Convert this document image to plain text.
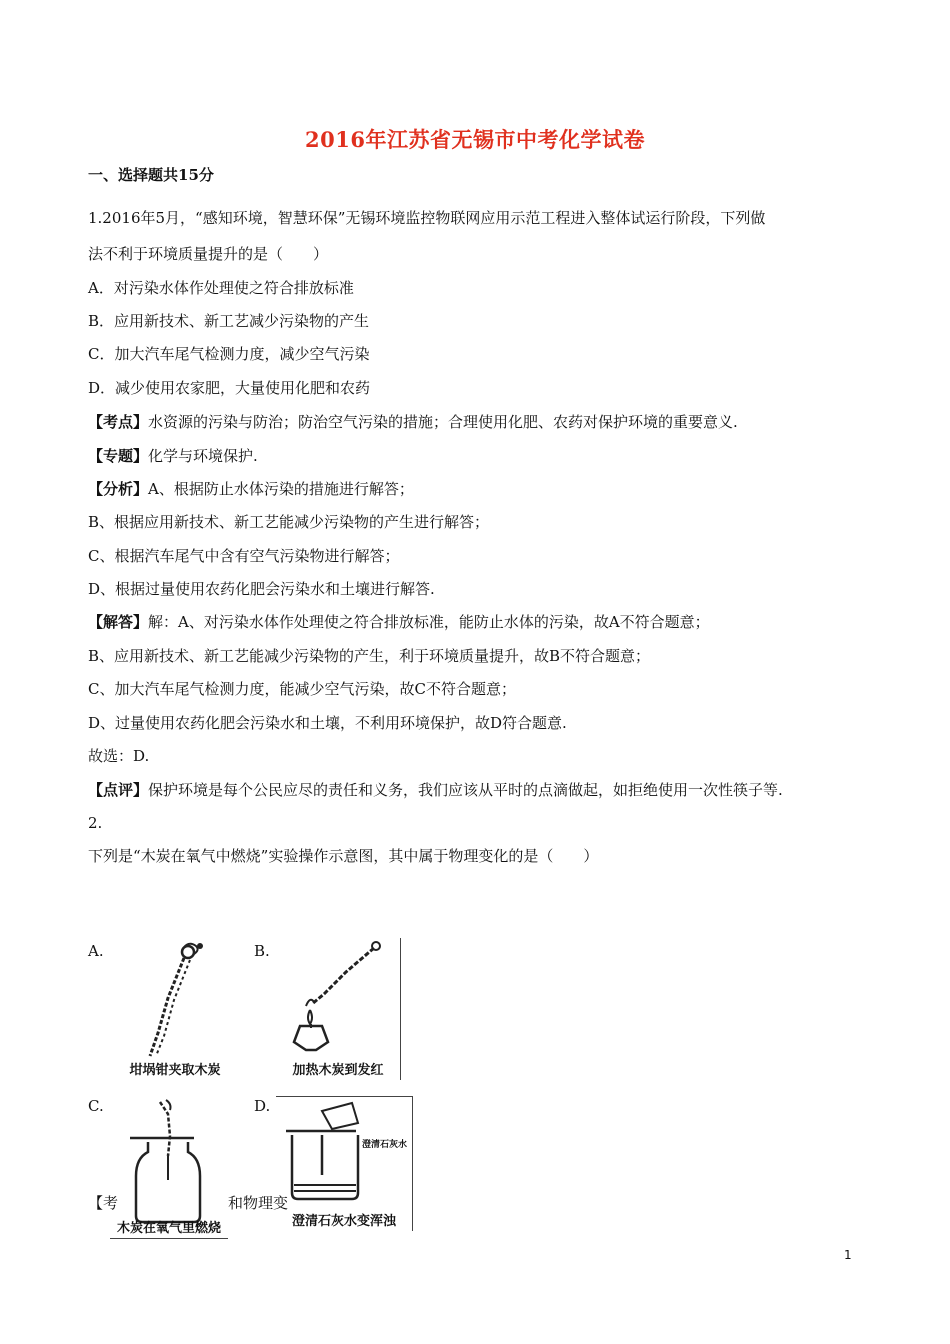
2016年江苏省无锡市中考化学试卷
一、选择题共15分
1.2016年5月，“感知环境，智慧环保”无锡环境监控物联网应用示范工程进入整体试运行阶段，下列做
法不利于环境质量提升的是（　　）
A．对污染水体作处理使之符合排放标准
B．应用新技术、新工艺减少污染物的产生
C．加大汽车尾气检测力度，减少空气污染
D．减少使用农家肥，大量使用化肥和农药
【考点】水资源的污染与防治；防治空气污染的措施；合理使用化肥、农药对保护环境的重要意义.
【专题】化学与环境保护.
【分析】A、根据防止水体污染的措施进行解答；
B、根据应用新技术、新工艺能减少污染物的产生进行解答；
C、根据汽车尾气中含有空气污染物进行解答；
D、根据过量使用农药化肥会污染水和土壤进行解答.
【解答】解：A、对污染水体作处理使之符合排放标准，能防止水体的污染，故A不符合题意；
B、应用新技术、新工艺能减少污染物的产生，利于环境质量提升，故B不符合题意；
C、加大汽车尾气检测力度，能减少空气污染，故C不符合题意；
D、过量使用农药化肥会污染水和土壤，不利用环境保护，故D符合题意.
故选：D.
【点评】保护环境是每个公民应尽的责任和义务，我们应该从平时的点滴做起，如拒绝使用一次性筷子等.
2.
下列是“木炭在氧气中燃烧”实验操作示意图，其中属于物理变化的是（　　）
A.	B.
C.	D.
坩埚钳夹取木炭	加热木炭到发红
木炭在氧气里燃烧
澄清石灰水
澄清石灰水变浑浊
【考	和物理变
1
